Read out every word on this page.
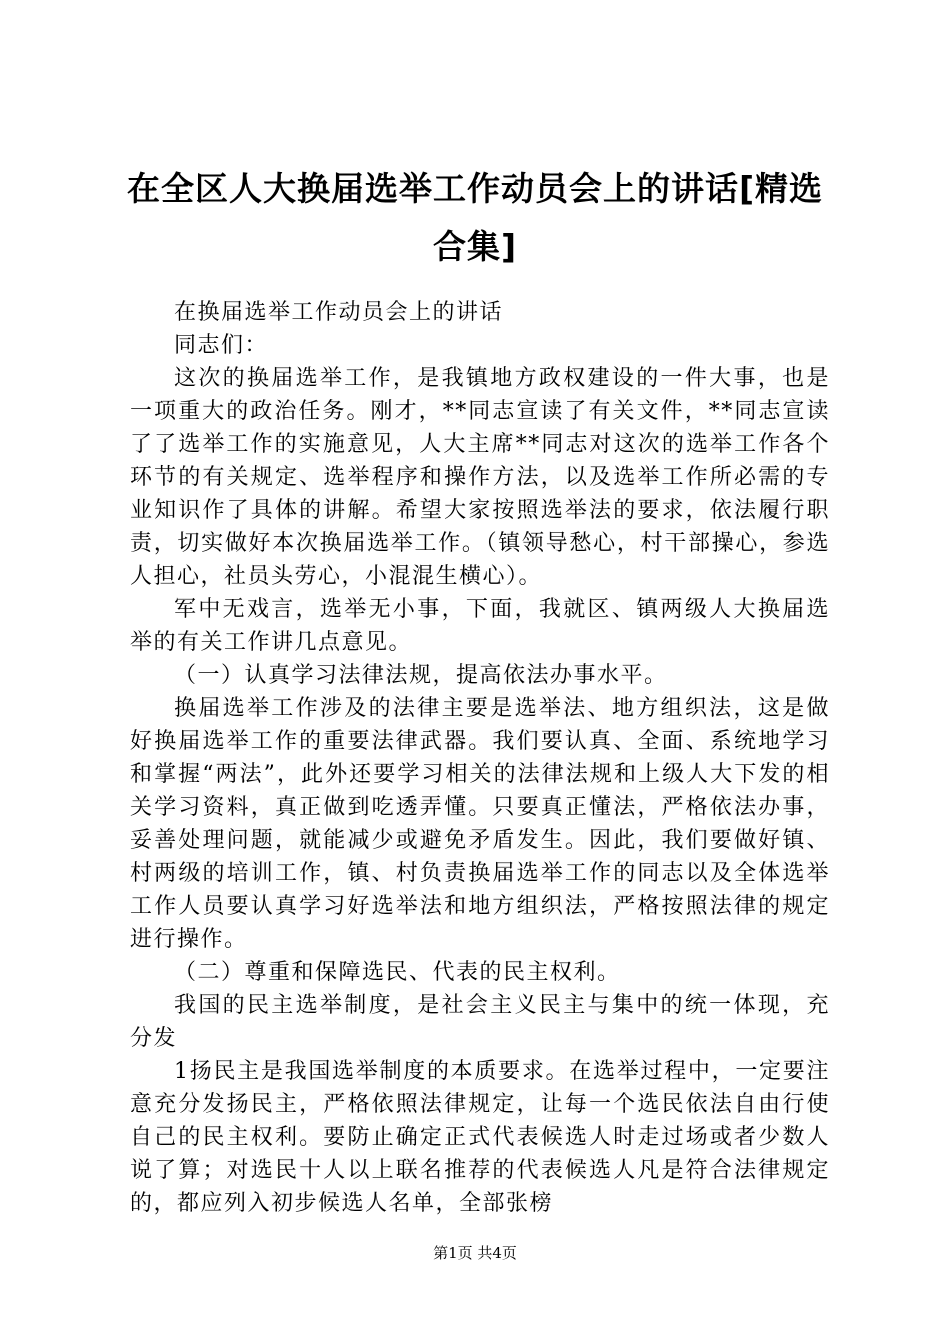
在全区人大换届选举工作动员会上的讲话[精选合集]

在换届选举工作动员会上的讲话

同志们：

这次的换届选举工作，是我镇地方政权建设的一件大事，也是一项重大的政治任务。刚才，**同志宣读了有关文件，**同志宣读了了选举工作的实施意见，人大主席**同志对这次的选举工作各个环节的有关规定、选举程序和操作方法，以及选举工作所必需的专业知识作了具体的讲解。希望大家按照选举法的要求，依法履行职责，切实做好本次换届选举工作。（镇领导愁心，村干部操心，参选人担心，社员头劳心，小混混生横心）。

军中无戏言，选举无小事，下面，我就区、镇两级人大换届选举的有关工作讲几点意见。

（一）认真学习法律法规，提高依法办事水平。

换届选举工作涉及的法律主要是选举法、地方组织法，这是做好换届选举工作的重要法律武器。我们要认真、全面、系统地学习和掌握“两法”，此外还要学习相关的法律法规和上级人大下发的相关学习资料，真正做到吃透弄懂。只要真正懂法，严格依法办事，妥善处理问题，就能减少或避免矛盾发生。因此，我们要做好镇、村两级的培训工作，镇、村负责换届选举工作的同志以及全体选举工作人员要认真学习好选举法和地方组织法，严格按照法律的规定进行操作。

（二）尊重和保障选民、代表的民主权利。

我国的民主选举制度，是社会主义民主与集中的统一体现，充分发

1扬民主是我国选举制度的本质要求。在选举过程中，一定要注意充分发扬民主，严格依照法律规定，让每一个选民依法自由行使自己的民主权利。要防止确定正式代表候选人时走过场或者少数人说了算；对选民十人以上联名推荐的代表候选人凡是符合法律规定的，都应列入初步候选人名单，全部张榜

第1页 共4页
